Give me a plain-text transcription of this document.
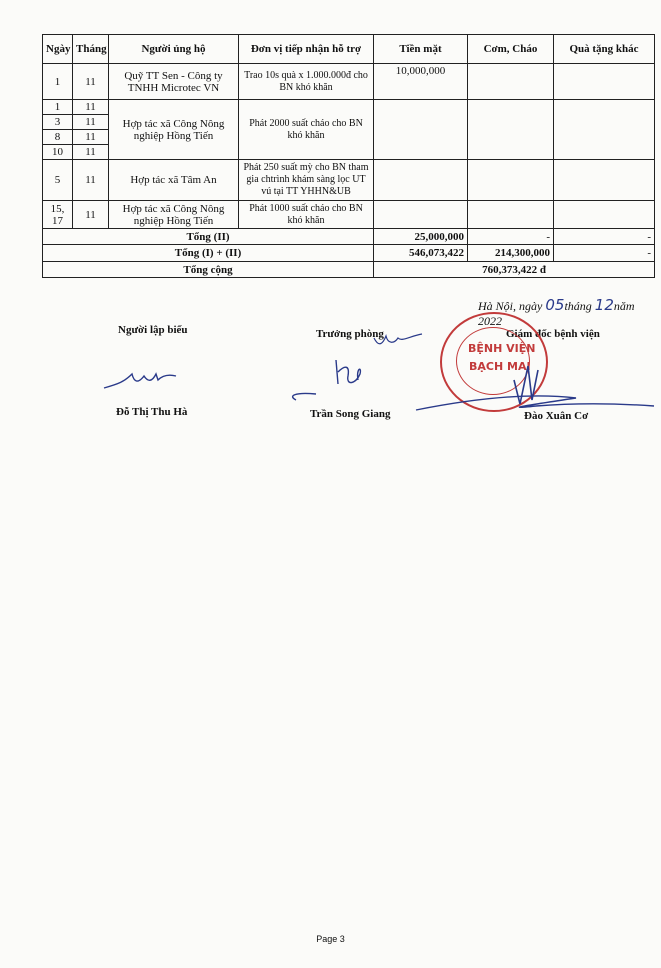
Ngày	Tháng	Người ủng hộ	Đơn vị tiếp nhận hỗ trợ	Tiền mặt	Cơm, Cháo	Quà tặng khác
1	11	Quỹ TT Sen - Công ty TNHH Microtec VN	Trao 10s quà x 1.000.000đ cho BN khó khăn	10,000,000		
1	11	Hợp tác xã Công Nông nghiệp Hồng Tiến	Phát 2000 suất cháo cho BN khó khăn			
3	11					
8	11					
10	11					
5	11	Hợp tác xã Tâm An	Phát 250 suất mỳ cho BN tham gia chtrình khám sàng lọc UT vú tại TT YHHN&UB			
15, 17	11	Hợp tác xã Công Nông nghiệp Hồng Tiến	Phát 1000 suất cháo cho BN khó khăn			
Tổng (II)				25,000,000	-	-
Tổng (I) + (II)				546,073,422	214,300,000	-
Tổng cộng				760,373,422 đ		
Hà Nội, ngày 05tháng 12năm 2022
Người lập biểu	Trưởng phòng	Giám đốc bệnh viện
BỆNH VIỆN
BẠCH MAI
Đỗ Thị Thu Hà	Trần Song Giang	Đào Xuân Cơ
Page 3
